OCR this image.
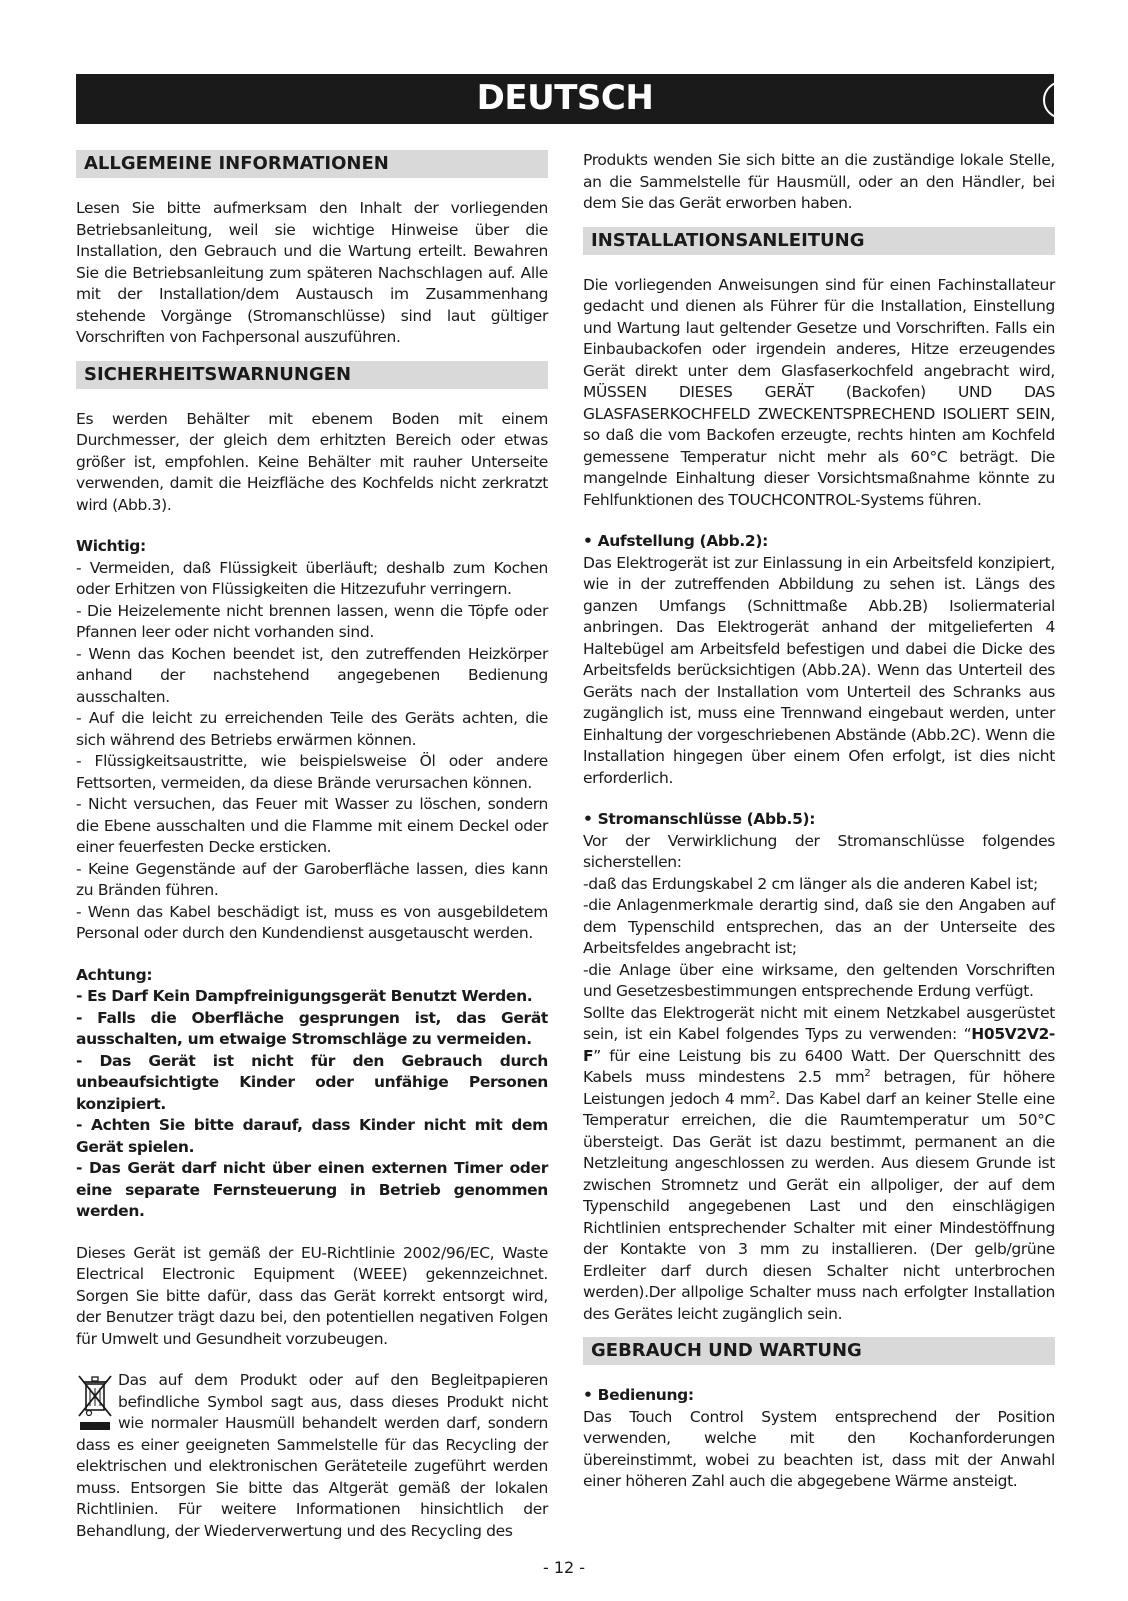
DEUTSCH	D
ALLGEMEINE INFORMATIONEN

Lesen Sie bitte aufmerksam den Inhalt der vorliegenden Betriebsanleitung, weil sie wichtige Hinweise über die Installation, den Gebrauch und die Wartung erteilt. Bewahren Sie die Betriebsanleitung zum späteren Nachschlagen auf. Alle mit der Installation/dem Austausch im Zusammenhang stehende Vorgänge (Stromanschlüsse) sind laut gültiger Vorschriften von Fachpersonal auszuführen.

SICHERHEITSWARNUNGEN

Es werden Behälter mit ebenem Boden mit einem Durchmesser, der gleich dem erhitzten Bereich oder etwas größer ist, empfohlen. Keine Behälter mit rauher Unterseite verwenden, damit die Heizfläche des Kochfelds nicht zerkratzt wird (Abb.3).

Wichtig:

- Vermeiden, daß Flüssigkeit überläuft; deshalb zum Kochen oder Erhitzen von Flüssigkeiten die Hitzezufuhr verringern.

- Die Heizelemente nicht brennen lassen, wenn die Töpfe oder Pfannen leer oder nicht vorhanden sind.

- Wenn das Kochen beendet ist, den zutreffenden Heizkörper anhand der nachstehend angegebenen Bedienung ausschalten.

- Auf die leicht zu erreichenden Teile des Geräts achten, die sich während des Betriebs erwärmen können.

- Flüssigkeitsaustritte, wie beispielsweise Öl oder andere Fettsorten, vermeiden, da diese Brände verursachen können.

- Nicht versuchen, das Feuer mit Wasser zu löschen, sondern die Ebene ausschalten und die Flamme mit einem Deckel oder einer feuerfesten Decke ersticken.

- Keine Gegenstände auf der Garoberfläche lassen, dies kann zu Bränden führen.

- Wenn das Kabel beschädigt ist, muss es von ausgebildetem Personal oder durch den Kundendienst ausgetauscht werden.

Achtung:

- Es Darf Kein Dampfreinigungsgerät Benutzt Werden.

- Falls die Oberfläche gesprungen ist, das Gerät ausschalten, um etwaige Stromschläge zu vermeiden.

- Das Gerät ist nicht für den Gebrauch durch unbeaufsichtigte Kinder oder unfähige Personen konzipiert.

- Achten Sie bitte darauf, dass Kinder nicht mit dem Gerät spielen.

- Das Gerät darf nicht über einen externen Timer oder eine separate Fernsteuerung in Betrieb genommen werden.

Dieses Gerät ist gemäß der EU-Richtlinie 2002/96/EC, Waste Electrical Electronic Equipment (WEEE) gekennzeichnet. Sorgen Sie bitte dafür, dass das Gerät korrekt entsorgt wird, der Benutzer trägt dazu bei, den potentiellen negativen Folgen für Umwelt und Gesundheit vorzubeugen.

Das auf dem Produkt oder auf den Begleitpapieren befindliche Symbol sagt aus, dass dieses Produkt nicht wie normaler Hausmüll behandelt werden darf, sondern dass es einer geeigneten Sammelstelle für das Recycling der elektrischen und elektronischen Geräteteile zugeführt werden muss. Entsorgen Sie bitte das Altgerät gemäß der lokalen Richtlinien. Für weitere Informationen hinsichtlich der Behandlung, der Wiederverwertung und des Recycling des

Produkts wenden Sie sich bitte an die zuständige lokale Stelle, an die Sammelstelle für Hausmüll, oder an den Händler, bei dem Sie das Gerät erworben haben.

INSTALLATIONSANLEITUNG

Die vorliegenden Anweisungen sind für einen Fachinstallateur gedacht und dienen als Führer für die Installation, Einstellung und Wartung laut geltender Gesetze und Vorschriften. Falls ein Einbaubackofen oder irgendein anderes, Hitze erzeugendes Gerät direkt unter dem Glasfaserkochfeld angebracht wird, MÜSSEN DIESES GERÄT (Backofen) UND DAS GLASFASERKOCHFELD ZWECKENTSPRECHEND ISOLIERT SEIN, so daß die vom Backofen erzeugte, rechts hinten am Kochfeld gemessene Temperatur nicht mehr als 60°C beträgt. Die mangelnde Einhaltung dieser Vorsichtsmaßnahme könnte zu Fehlfunktionen des TOUCHCONTROL-Systems führen.

• Aufstellung (Abb.2):

Das Elektrogerät ist zur Einlassung in ein Arbeitsfeld konzipiert, wie in der zutreffenden Abbildung zu sehen ist. Längs des ganzen Umfangs (Schnittmaße Abb.2B) Isoliermaterial anbringen. Das Elektrogerät anhand der mitgelieferten 4 Haltebügel am Arbeitsfeld befestigen und dabei die Dicke des Arbeitsfelds berücksichtigen (Abb.2A). Wenn das Unterteil des Geräts nach der Installation vom Unterteil des Schranks aus zugänglich ist, muss eine Trennwand eingebaut werden, unter Einhaltung der vorgeschriebenen Abstände (Abb.2C). Wenn die Installation hingegen über einem Ofen erfolgt, ist dies nicht erforderlich.

• Stromanschlüsse (Abb.5):

Vor der Verwirklichung der Stromanschlüsse folgendes sicherstellen:

-daß das Erdungskabel 2 cm länger als die anderen Kabel ist;

-die Anlagenmerkmale derartig sind, daß sie den Angaben auf dem Typenschild entsprechen, das an der Unterseite des Arbeitsfeldes angebracht ist;

-die Anlage über eine wirksame, den geltenden Vorschriften und Gesetzesbestimmungen entsprechende Erdung verfügt.

Sollte das Elektrogerät nicht mit einem Netzkabel ausgerüstet sein, ist ein Kabel folgendes Typs zu verwenden: “H05V2V2-F” für eine Leistung bis zu 6400 Watt. Der Querschnitt des Kabels muss mindestens 2.5 $mm^2$ betragen, für höhere Leistungen jedoch 4 $mm^2$. Das Kabel darf an keiner Stelle eine Temperatur erreichen, die die Raumtemperatur um 50°C übersteigt. Das Gerät ist dazu bestimmt, permanent an die Netzleitung angeschlossen zu werden. Aus diesem Grunde ist zwischen Stromnetz und Gerät ein allpoliger, der auf dem Typenschild angegebenen Last und den einschlägigen Richtlinien entsprechender Schalter mit einer Mindestöffnung der Kontakte von 3 mm zu installieren. (Der gelb/grüne Erdleiter darf durch diesen Schalter nicht unterbrochen werden).Der allpolige Schalter muss nach erfolgter Installation des Gerätes leicht zugänglich sein.

GEBRAUCH UND WARTUNG

• Bedienung:

Das Touch Control System entsprechend der Position verwenden, welche mit den Kochanforderungen übereinstimmt, wobei zu beachten ist, dass mit der Anwahl einer höheren Zahl auch die abgegebene Wärme ansteigt.

- 12 -
